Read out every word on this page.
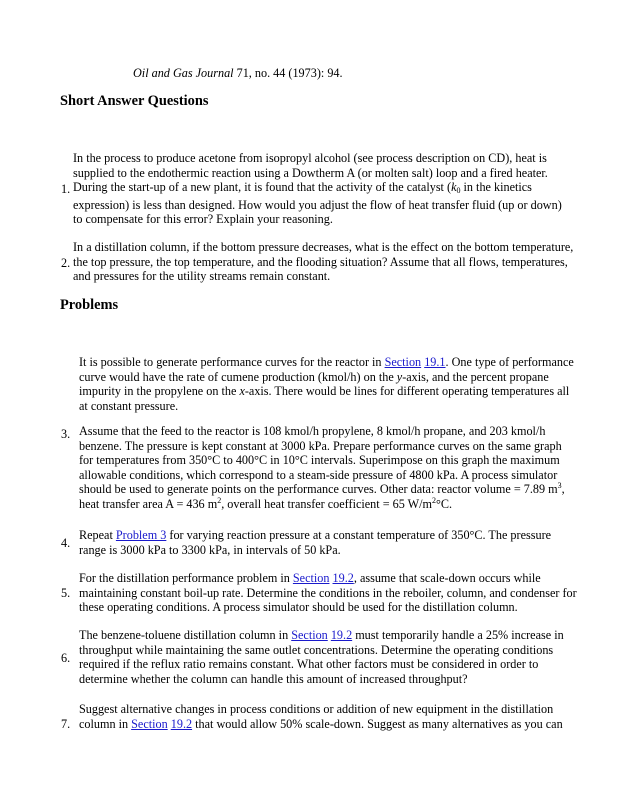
Oil and Gas Journal 71, no. 44 (1973): 94.
Short Answer Questions
1.
In the process to produce acetone from isopropyl alcohol (see process description on CD), heat is
supplied to the endothermic reaction using a Dowtherm A (or molten salt) loop and a fired heater.
During the start-up of a new plant, it is found that the activity of the catalyst ($k_0$ in the kinetics
expression) is less than designed. How would you adjust the flow of heat transfer fluid (up or down)
to compensate for this error? Explain your reasoning.
2.
In a distillation column, if the bottom pressure decreases, what is the effect on the bottom temperature,
the top pressure, the top temperature, and the flooding situation? Assume that all flows, temperatures,
and pressures for the utility streams remain constant.
Problems
It is possible to generate performance curves for the reactor in Section 19.1. One type of performance
curve would have the rate of cumene production (kmol/h) on the y-axis, and the percent propane
impurity in the propylene on the x-axis. There would be lines for different operating temperatures all
at constant pressure.
3. Assume that the feed to the reactor is 108 kmol/h propylene, 8 kmol/h propane, and 203 kmol/h
benzene. The pressure is kept constant at 3000 kPa. Prepare performance curves on the same graph
for temperatures from 350°C to 400°C in 10°C intervals. Superimpose on this graph the maximum
allowable conditions, which correspond to a steam-side pressure of 4800 kPa. A process simulator
should be used to generate points on the performance curves. Other data: reactor volume = 7.89 $m^3$,
heat transfer area A = 436 $m^2$, overall heat transfer coefficient = 65 $W/m^2^\circ C$.
4.
Repeat Problem 3 for varying reaction pressure at a constant temperature of 350°C. The pressure
range is 3000 kPa to 3300 kPa, in intervals of 50 kPa.
5.
For the distillation performance problem in Section 19.2, assume that scale-down occurs while
maintaining constant boil-up rate. Determine the conditions in the reboiler, column, and condenser for
these operating conditions. A process simulator should be used for the distillation column.
6.
The benzene-toluene distillation column in Section 19.2 must temporarily handle a 25% increase in
throughput while maintaining the same outlet concentrations. Determine the operating conditions
required if the reflux ratio remains constant. What other factors must be considered in order to
determine whether the column can handle this amount of increased throughput?
7.
Suggest alternative changes in process conditions or addition of new equipment in the distillation
column in Section 19.2 that would allow 50% scale-down. Suggest as many alternatives as you can
